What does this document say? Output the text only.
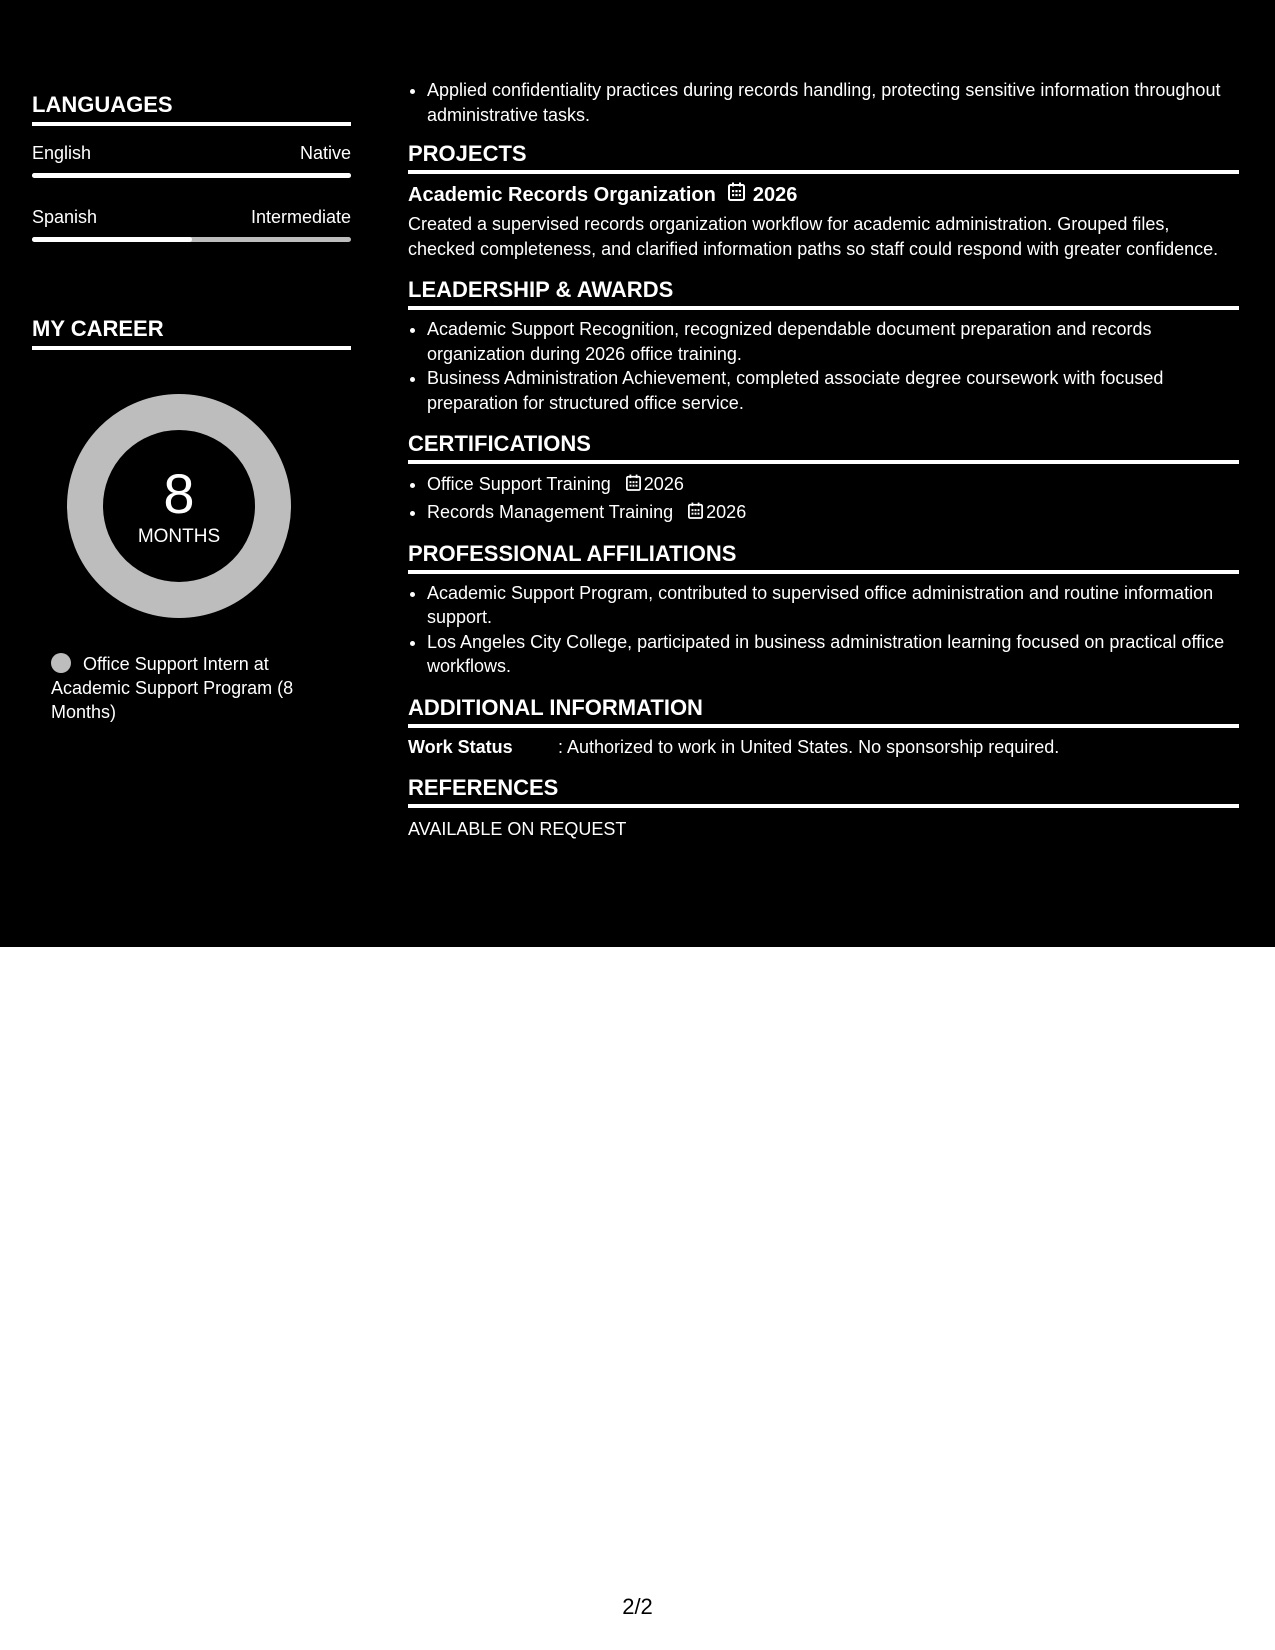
LANGUAGES
English	Native
Spanish	Intermediate
MY CAREER
8
MONTHS
Office Support Intern at Academic Support Program (8 Months)
• Applied confidentiality practices during records handling, protecting sensitive information throughout administrative tasks.
PROJECTS
Academic Records Organization 2026
Created a supervised records organization workflow for academic administration. Grouped files, checked completeness, and clarified information paths so staff could respond with greater confidence.
LEADERSHIP & AWARDS
• Academic Support Recognition, recognized dependable document preparation and records organization during 2026 office training.
• Business Administration Achievement, completed associate degree coursework with focused preparation for structured office service.
CERTIFICATIONS
• Office Support Training 2026
• Records Management Training 2026
PROFESSIONAL AFFILIATIONS
• Academic Support Program, contributed to supervised office administration and routine information support.
• Los Angeles City College, participated in business administration learning focused on practical office workflows.
ADDITIONAL INFORMATION
Work Status	: Authorized to work in United States. No sponsorship required.
REFERENCES
AVAILABLE ON REQUEST
2/2
